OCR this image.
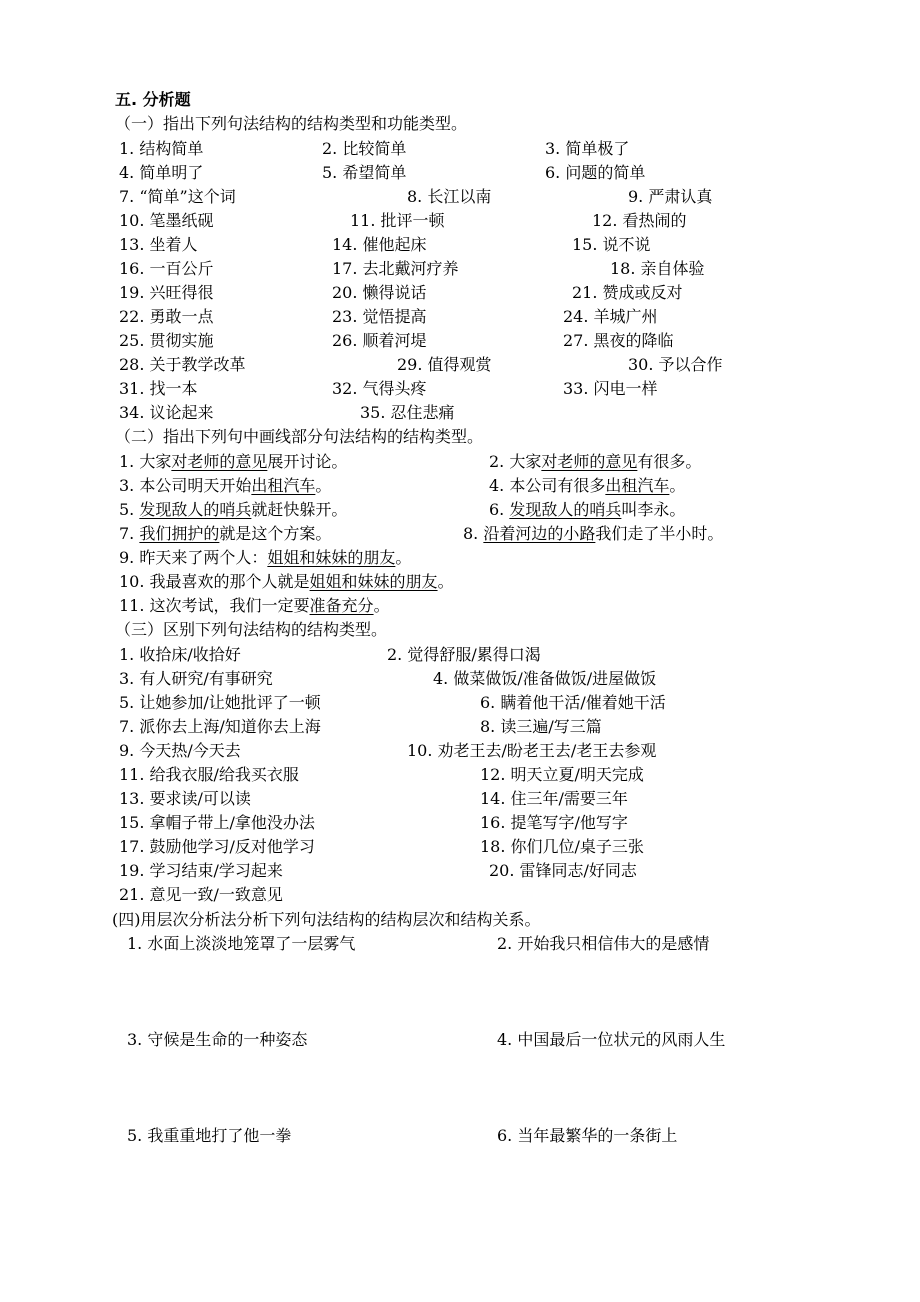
五. 分析题
（一）指出下列句法结构的结构类型和功能类型。
1. 结构简单	2. 比较简单	3. 简单极了
4. 简单明了	5. 希望简单	6. 问题的简单
7. “简单”这个词	8. 长江以南	9. 严肃认真
10. 笔墨纸砚	11. 批评一顿	12. 看热闹的
13. 坐着人	14. 催他起床	15. 说不说
16. 一百公斤	17. 去北戴河疗养	18. 亲自体验
19. 兴旺得很	20. 懒得说话	21. 赞成或反对
22. 勇敢一点	23. 觉悟提高	24. 羊城广州
25. 贯彻实施	26. 顺着河堤	27. 黑夜的降临
28. 关于教学改革	29. 值得观赏	30. 予以合作
31. 找一本	32. 气得头疼	33. 闪电一样
34. 议论起来	35. 忍住悲痛
（二）指出下列句中画线部分句法结构的结构类型。
1. 大家对老师的意见展开讨论。	2. 大家对老师的意见有很多。
3. 本公司明天开始出租汽车。	4. 本公司有很多出租汽车。
5. 发现敌人的哨兵就赶快躲开。	6. 发现敌人的哨兵叫李永。
7. 我们拥护的就是这个方案。	8. 沿着河边的小路我们走了半小时。
9. 昨天来了两个人：姐姐和妹妹的朋友。
10. 我最喜欢的那个人就是姐姐和妹妹的朋友。
11. 这次考试，我们一定要准备充分。
（三）区别下列句法结构的结构类型。
1. 收拾床/收拾好	2. 觉得舒服/累得口渴
3. 有人研究/有事研究	4. 做菜做饭/准备做饭/进屋做饭
5. 让她参加/让她批评了一顿	6. 瞒着他干活/催着她干活
7. 派你去上海/知道你去上海	8. 读三遍/写三篇
9. 今天热/今天去	10. 劝老王去/盼老王去/老王去参观
11. 给我衣服/给我买衣服	12. 明天立夏/明天完成
13. 要求读/可以读	14. 住三年/需要三年
15. 拿帽子带上/拿他没办法	16. 提笔写字/他写字
17. 鼓励他学习/反对他学习	18. 你们几位/桌子三张
19. 学习结束/学习起来	20. 雷锋同志/好同志
21. 意见一致/一致意见
(四)用层次分析法分析下列句法结构的结构层次和结构关系。
1. 水面上淡淡地笼罩了一层雾气	2. 开始我只相信伟大的是感情
3. 守候是生命的一种姿态	4. 中国最后一位状元的风雨人生
5. 我重重地打了他一拳	6. 当年最繁华的一条街上
